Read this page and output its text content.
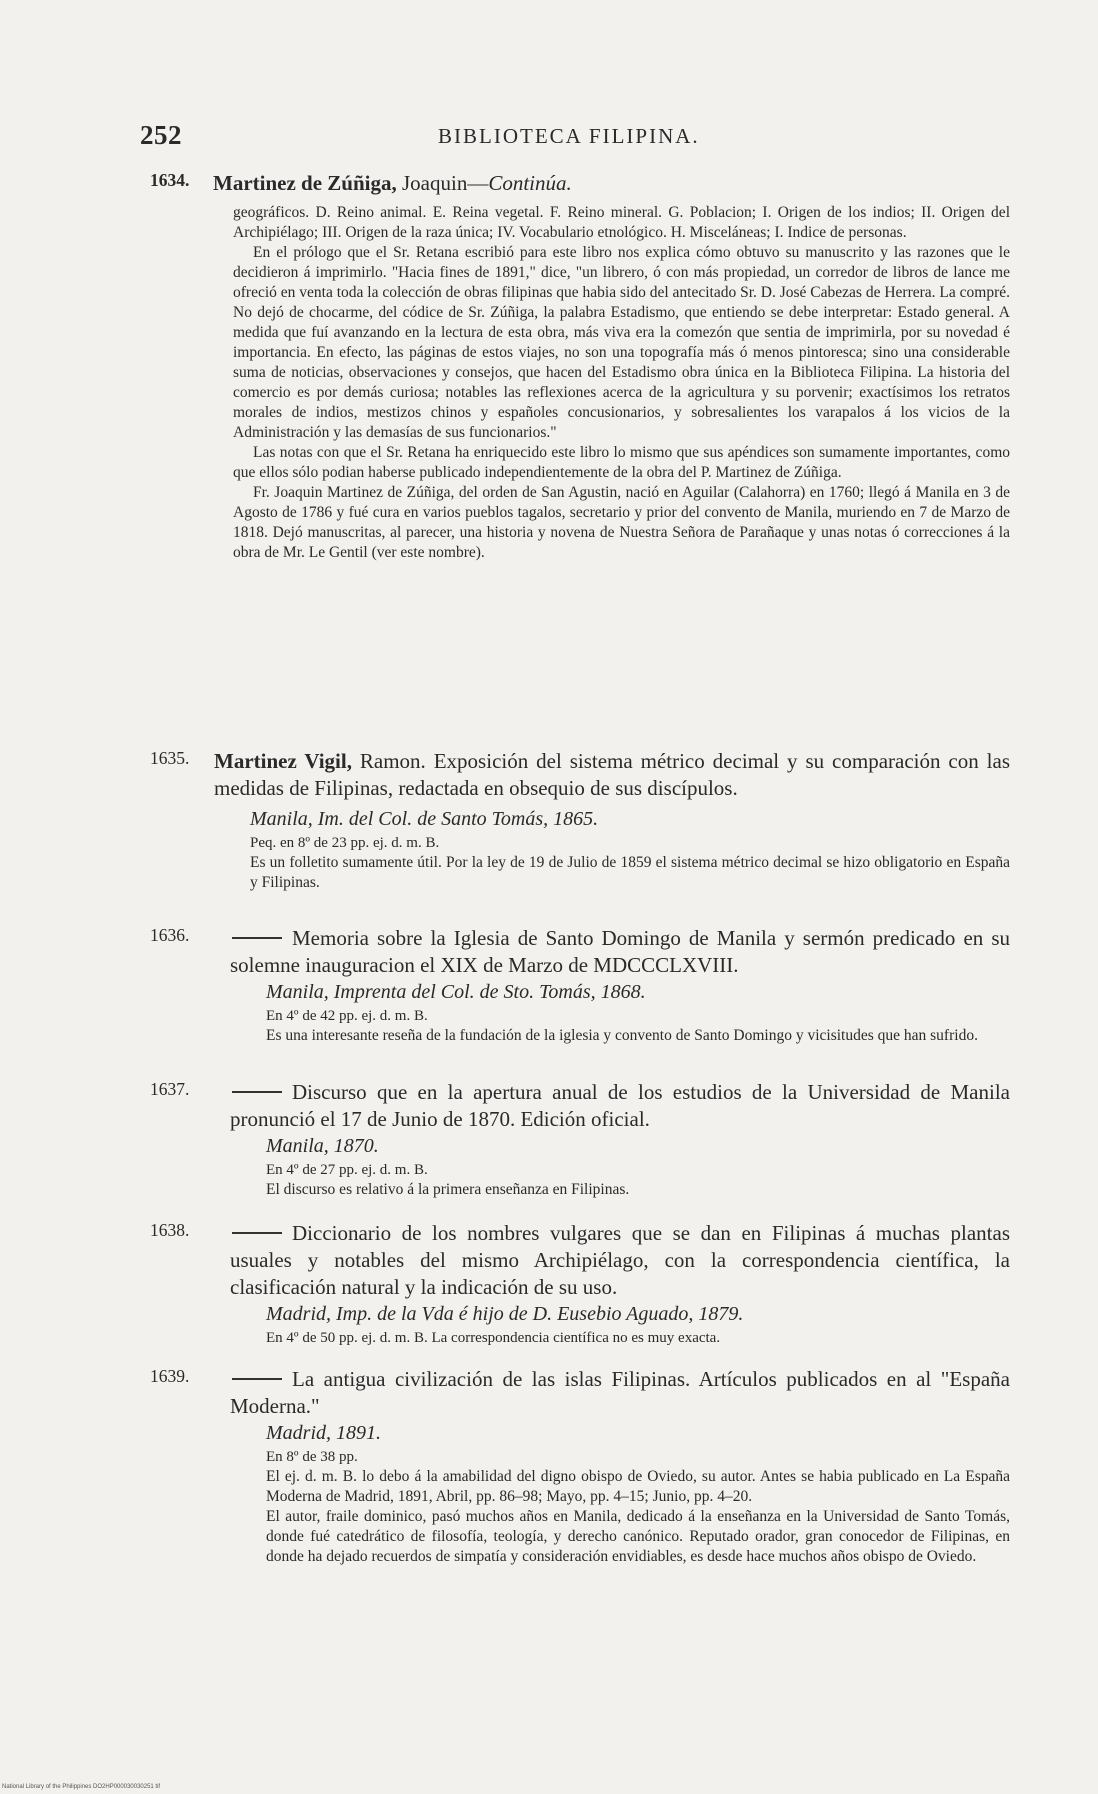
252	BIBLIOTECA FILIPINA.
1634. Martinez de Zúñiga, Joaquin—Continúa.

geográficos. D. Reino animal. E. Reina vegetal. F. Reino mineral. G. Poblacion; I. Origen de los indios; II. Origen del Archipiélago; III. Origen de la raza única; IV. Vocabulario etnológico. H. Misceláneas; I. Indice de personas.

En el prólogo que el Sr. Retana escribió para este libro nos explica cómo obtuvo su manuscrito y las razones que le decidieron á imprimirlo. "Hacia fines de 1891," dice, "un librero, ó con más propiedad, un corredor de libros de lance me ofreció en venta toda la colección de obras filipinas que habia sido del antecitado Sr. D. José Cabezas de Herrera. La compré. No dejó de chocarme, del códice de Sr. Zúñiga, la palabra Estadismo, que entiendo se debe interpretar: Estado general. A medida que fuí avanzando en la lectura de esta obra, más viva era la comezón que sentia de imprimirla, por su novedad é importancia. En efecto, las páginas de estos viajes, no son una topografía más ó menos pintoresca; sino una considerable suma de noticias, observaciones y consejos, que hacen del Estadismo obra única en la Biblioteca Filipina. La historia del comercio es por demás curiosa; notables las reflexiones acerca de la agricultura y su porvenir; exactísimos los retratos morales de indios, mestizos chinos y españoles concusionarios, y sobresalientes los varapalos á los vicios de la Administración y las demasías de sus funcionarios."

Las notas con que el Sr. Retana ha enriquecido este libro lo mismo que sus apéndices son sumamente importantes, como que ellos sólo podian haberse publicado independientemente de la obra del P. Martinez de Zúñiga.

Fr. Joaquin Martinez de Zúñiga, del orden de San Agustin, nació en Aguilar (Calahorra) en 1760; llegó á Manila en 3 de Agosto de 1786 y fué cura en varios pueblos tagalos, secretario y prior del convento de Manila, muriendo en 7 de Marzo de 1818. Dejó manuscritas, al parecer, una historia y novena de Nuestra Señora de Parañaque y unas notas ó correcciones á la obra de Mr. Le Gentil (ver este nombre).

1635. Martinez Vigil, Ramon. Exposición del sistema métrico decimal y su comparación con las medidas de Filipinas, redactada en obsequio de sus discípulos.
Manila, Im. del Col. de Santo Tomás, 1865.
Peq. en 8º de 23 pp. ej. d. m. B.

Es un folletito sumamente útil. Por la ley de 19 de Julio de 1859 el sistema métrico decimal se hizo obligatorio en España y Filipinas.

1636.	Memoria sobre la Iglesia de Santo Domingo de Manila y sermón predicado en su solemne inauguracion el XIX de Marzo de MDCCCLXVIII.
Manila, Imprenta del Col. de Sto. Tomás, 1868.
En 4º de 42 pp. ej. d. m. B.

Es una interesante reseña de la fundación de la iglesia y convento de Santo Domingo y vicisitudes que han sufrido.

1637.	Discurso que en la apertura anual de los estudios de la Universidad de Manila pronunció el 17 de Junio de 1870. Edición oficial.
Manila, 1870.
En 4º de 27 pp. ej. d. m. B.

El discurso es relativo á la primera enseñanza en Filipinas.

1638.	Diccionario de los nombres vulgares que se dan en Filipinas á muchas plantas usuales y notables del mismo Archipiélago, con la correspondencia científica, la clasificación natural y la indicación de su uso.
Madrid, Imp. de la Vda é hijo de D. Eusebio Aguado, 1879.
En 4º de 50 pp. ej. d. m. B. La correspondencia científica no es muy exacta.
1639.	La antigua civilización de las islas Filipinas. Artículos publicados en al "España Moderna."
Madrid, 1891.
En 8º de 38 pp.

El ej. d. m. B. lo debo á la amabilidad del digno obispo de Oviedo, su autor. Antes se habia publicado en La España Moderna de Madrid, 1891, Abril, pp. 86–98; Mayo, pp. 4–15; Junio, pp. 4–20.

El autor, fraile dominico, pasó muchos años en Manila, dedicado á la enseñanza en la Universidad de Santo Tomás, donde fué catedrático de filosofía, teología, y derecho canónico. Reputado orador, gran conocedor de Filipinas, en donde ha dejado recuerdos de simpatía y consideración envidiables, es desde hace muchos años obispo de Oviedo.

National Library of the Philippines DO2HP000030030251 tif
